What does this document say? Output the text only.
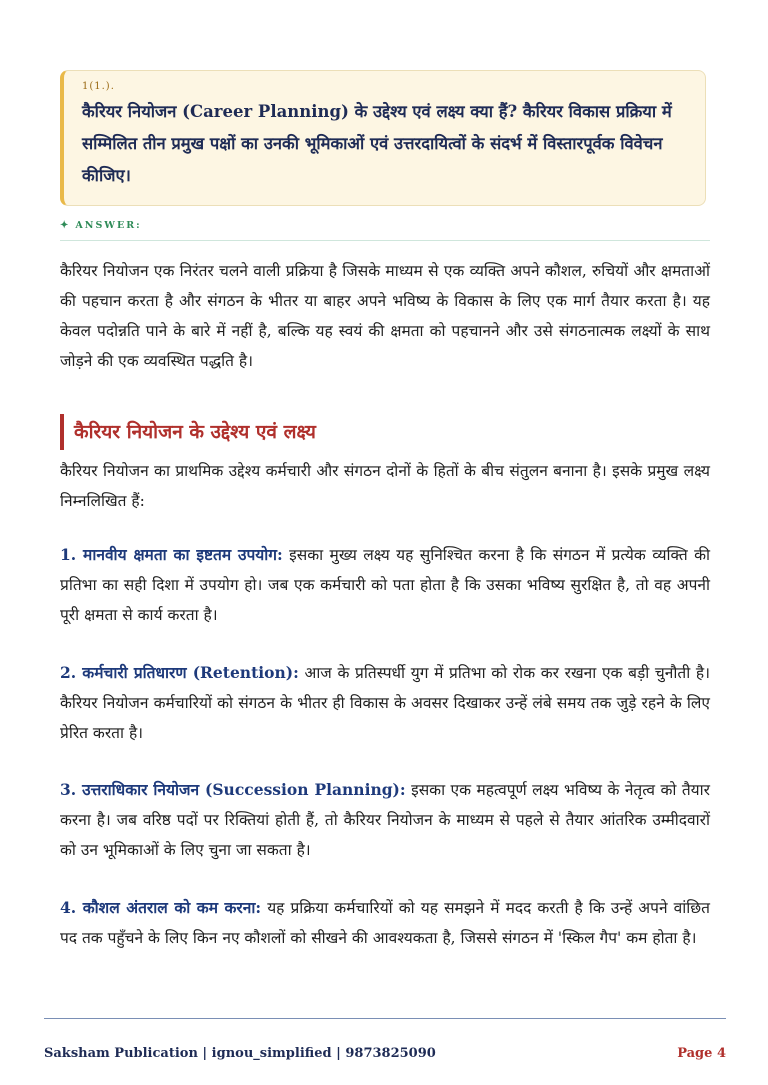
1(1.).
कैरियर नियोजन (Career Planning) के उद्देश्य एवं लक्ष्य क्या हैं? कैरियर विकास प्रक्रिया में सम्मिलित तीन प्रमुख पक्षों का उनकी भूमिकाओं एवं उत्तरदायित्वों के संदर्भ में विस्तारपूर्वक विवेचन कीजिए।
✦ ANSWER:
कैरियर नियोजन एक निरंतर चलने वाली प्रक्रिया है जिसके माध्यम से एक व्यक्ति अपने कौशल, रुचियों और क्षमताओं की पहचान करता है और संगठन के भीतर या बाहर अपने भविष्य के विकास के लिए एक मार्ग तैयार करता है। यह केवल पदोन्नति पाने के बारे में नहीं है, बल्कि यह स्वयं की क्षमता को पहचानने और उसे संगठनात्मक लक्ष्यों के साथ जोड़ने की एक व्यवस्थित पद्धति है।
कैरियर नियोजन के उद्देश्य एवं लक्ष्य
कैरियर नियोजन का प्राथमिक उद्देश्य कर्मचारी और संगठन दोनों के हितों के बीच संतुलन बनाना है। इसके प्रमुख लक्ष्य निम्नलिखित हैं:
1. मानवीय क्षमता का इष्टतम उपयोग: इसका मुख्य लक्ष्य यह सुनिश्चित करना है कि संगठन में प्रत्येक व्यक्ति की प्रतिभा का सही दिशा में उपयोग हो। जब एक कर्मचारी को पता होता है कि उसका भविष्य सुरक्षित है, तो वह अपनी पूरी क्षमता से कार्य करता है।
2. कर्मचारी प्रतिधारण (Retention): आज के प्रतिस्पर्धी युग में प्रतिभा को रोक कर रखना एक बड़ी चुनौती है। कैरियर नियोजन कर्मचारियों को संगठन के भीतर ही विकास के अवसर दिखाकर उन्हें लंबे समय तक जुड़े रहने के लिए प्रेरित करता है।
3. उत्तराधिकार नियोजन (Succession Planning): इसका एक महत्वपूर्ण लक्ष्य भविष्य के नेतृत्व को तैयार करना है। जब वरिष्ठ पदों पर रिक्तियां होती हैं, तो कैरियर नियोजन के माध्यम से पहले से तैयार आंतरिक उम्मीदवारों को उन भूमिकाओं के लिए चुना जा सकता है।
4. कौशल अंतराल को कम करना: यह प्रक्रिया कर्मचारियों को यह समझने में मदद करती है कि उन्हें अपने वांछित पद तक पहुँचने के लिए किन नए कौशलों को सीखने की आवश्यकता है, जिससे संगठन में 'स्किल गैप' कम होता है।
Saksham Publication | ignou_simplified | 9873825090	Page 4
